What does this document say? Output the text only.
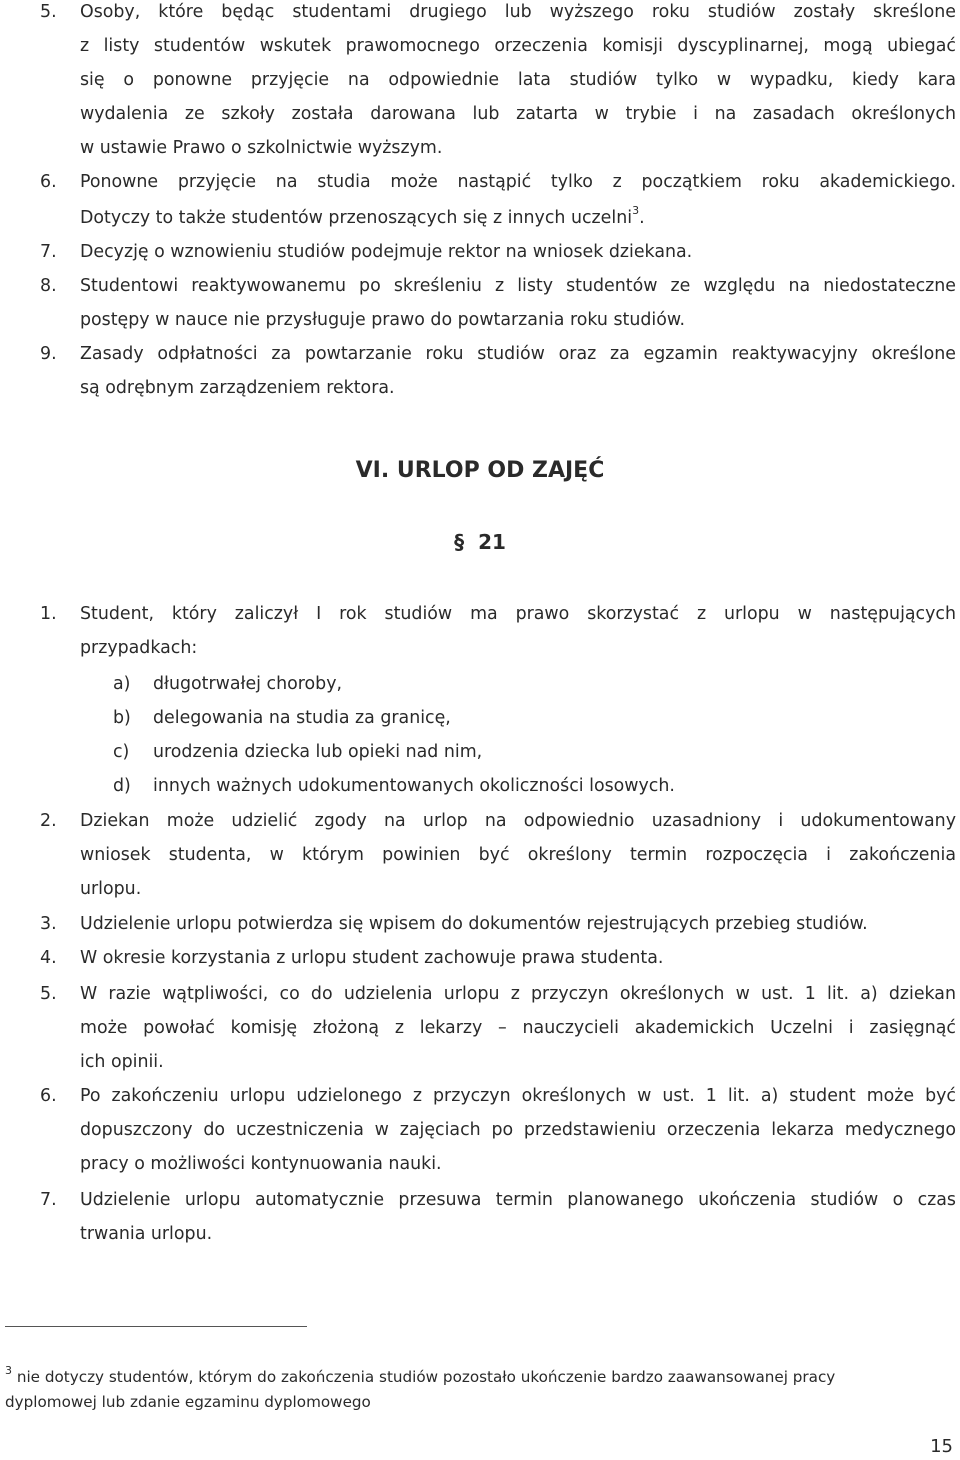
5. Osoby, które będąc studentami drugiego lub wyższego roku studiów zostały skreślone
z listy studentów wskutek prawomocnego orzeczenia komisji dyscyplinarnej, mogą ubiegać
się o ponowne przyjęcie na odpowiednie lata studiów tylko w wypadku, kiedy kara
wydalenia ze szkoły została darowana lub zatarta w trybie i na zasadach określonych
w ustawie Prawo o szkolnictwie wyższym.
6. Ponowne przyjęcie na studia może nastąpić tylko z początkiem roku akademickiego.
Dotyczy to także studentów przenoszących się z innych uczelni$^3$.
7. Decyzję o wznowieniu studiów podejmuje rektor na wniosek dziekana.
8. Studentowi reaktywowanemu po skreśleniu z listy studentów ze względu na niedostateczne
postępy w nauce nie przysługuje prawo do powtarzania roku studiów.
9. Zasady odpłatności za powtarzanie roku studiów oraz za egzamin reaktywacyjny określone
są odrębnym zarządzeniem rektora.
VI. URLOP OD ZAJĘĆ
§ 21
1. Student, który zaliczył I rok studiów ma prawo skorzystać z urlopu w następujących
przypadkach:
a) długotrwałej choroby,
b) delegowania na studia za granicę,
c) urodzenia dziecka lub opieki nad nim,
d) innych ważnych udokumentowanych okoliczności losowych.
2. Dziekan może udzielić zgody na urlop na odpowiednio uzasadniony i udokumentowany
wniosek studenta, w którym powinien być określony termin rozpoczęcia i zakończenia
urlopu.
3. Udzielenie urlopu potwierdza się wpisem do dokumentów rejestrujących przebieg studiów.
4. W okresie korzystania z urlopu student zachowuje prawa studenta.
5. W razie wątpliwości, co do udzielenia urlopu z przyczyn określonych w ust. 1 lit. a) dziekan
może powołać komisję złożoną z lekarzy – nauczycieli akademickich Uczelni i zasięgnąć
ich opinii.
6. Po zakończeniu urlopu udzielonego z przyczyn określonych w ust. 1 lit. a) student może być
dopuszczony do uczestniczenia w zajęciach po przedstawieniu orzeczenia lekarza medycznego
pracy o możliwości kontynuowania nauki.
7. Udzielenie urlopu automatycznie przesuwa termin planowanego ukończenia studiów o czas
trwania urlopu.
$^3$ nie dotyczy studentów, którym do zakończenia studiów pozostało ukończenie bardzo zaawansowanej pracy
dyplomowej lub zdanie egzaminu dyplomowego
15
